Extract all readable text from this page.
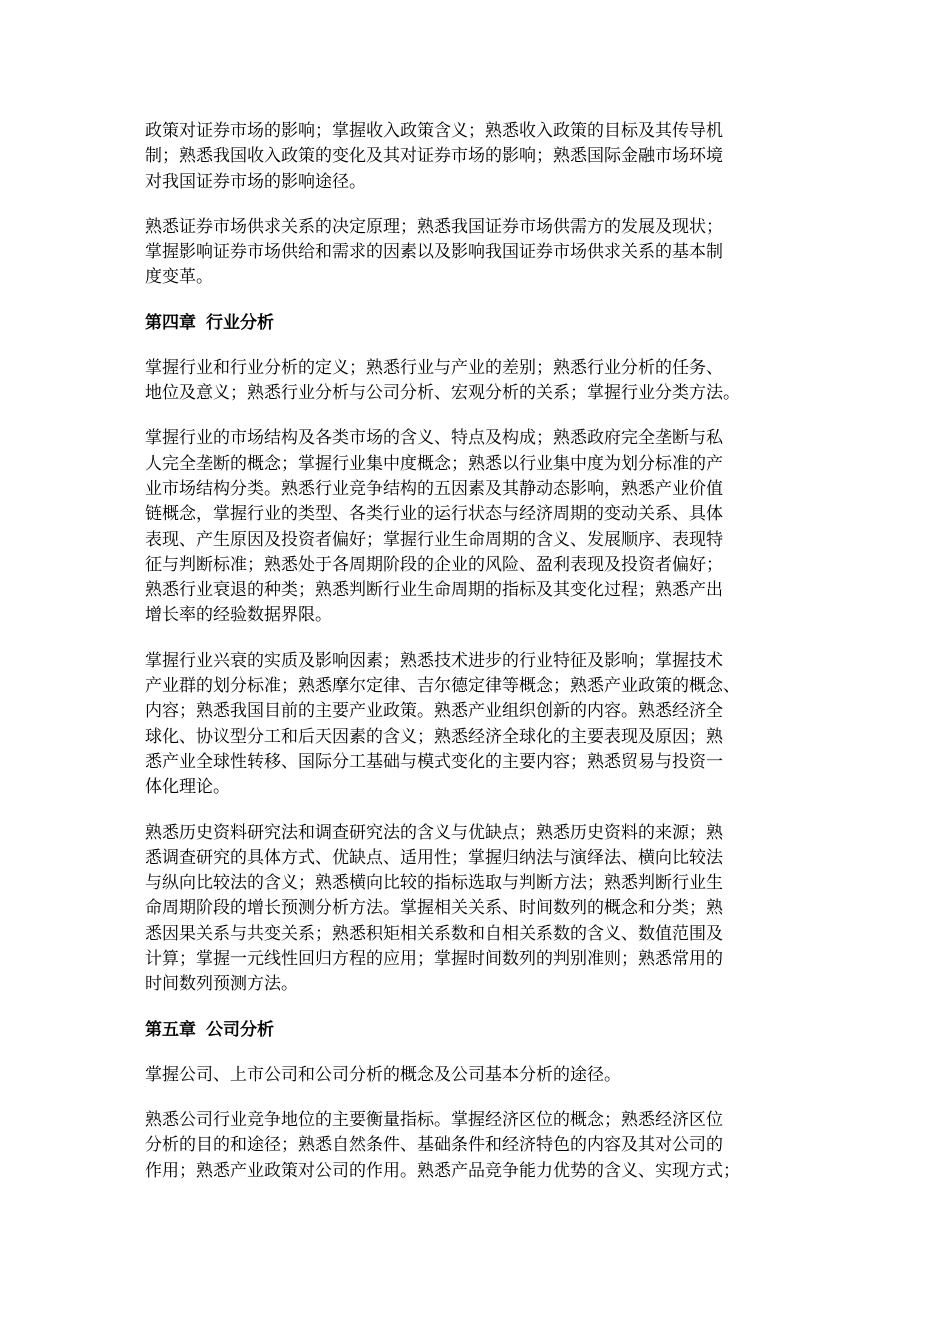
政策对证券市场的影响；掌握收入政策含义；熟悉收入政策的目标及其传导机
制；熟悉我国收入政策的变化及其对证券市场的影响；熟悉国际金融市场环境
对我国证券市场的影响途径。
熟悉证券市场供求关系的决定原理；熟悉我国证券市场供需方的发展及现状；
掌握影响证券市场供给和需求的因素以及影响我国证券市场供求关系的基本制
度变革。
第四章 行业分析
掌握行业和行业分析的定义；熟悉行业与产业的差别；熟悉行业分析的任务、
地位及意义；熟悉行业分析与公司分析、宏观分析的关系；掌握行业分类方法。
掌握行业的市场结构及各类市场的含义、特点及构成；熟悉政府完全垄断与私
人完全垄断的概念；掌握行业集中度概念；熟悉以行业集中度为划分标准的产
业市场结构分类。熟悉行业竞争结构的五因素及其静动态影响，熟悉产业价值
链概念，掌握行业的类型、各类行业的运行状态与经济周期的变动关系、具体
表现、产生原因及投资者偏好；掌握行业生命周期的含义、发展顺序、表现特
征与判断标准；熟悉处于各周期阶段的企业的风险、盈利表现及投资者偏好；
熟悉行业衰退的种类；熟悉判断行业生命周期的指标及其变化过程；熟悉产出
增长率的经验数据界限。
掌握行业兴衰的实质及影响因素；熟悉技术进步的行业特征及影响；掌握技术
产业群的划分标准；熟悉摩尔定律、吉尔德定律等概念；熟悉产业政策的概念、
内容；熟悉我国目前的主要产业政策。熟悉产业组织创新的内容。熟悉经济全
球化、协议型分工和后天因素的含义；熟悉经济全球化的主要表现及原因；熟
悉产业全球性转移、国际分工基础与模式变化的主要内容；熟悉贸易与投资一
体化理论。
熟悉历史资料研究法和调查研究法的含义与优缺点；熟悉历史资料的来源；熟
悉调查研究的具体方式、优缺点、适用性；掌握归纳法与演绎法、横向比较法
与纵向比较法的含义；熟悉横向比较的指标选取与判断方法；熟悉判断行业生
命周期阶段的增长预测分析方法。掌握相关关系、时间数列的概念和分类；熟
悉因果关系与共变关系；熟悉积矩相关系数和自相关系数的含义、数值范围及
计算；掌握一元线性回归方程的应用；掌握时间数列的判别准则；熟悉常用的
时间数列预测方法。
第五章 公司分析
掌握公司、上市公司和公司分析的概念及公司基本分析的途径。
熟悉公司行业竞争地位的主要衡量指标。掌握经济区位的概念；熟悉经济区位
分析的目的和途径；熟悉自然条件、基础条件和经济特色的内容及其对公司的
作用；熟悉产业政策对公司的作用。熟悉产品竞争能力优势的含义、实现方式；
